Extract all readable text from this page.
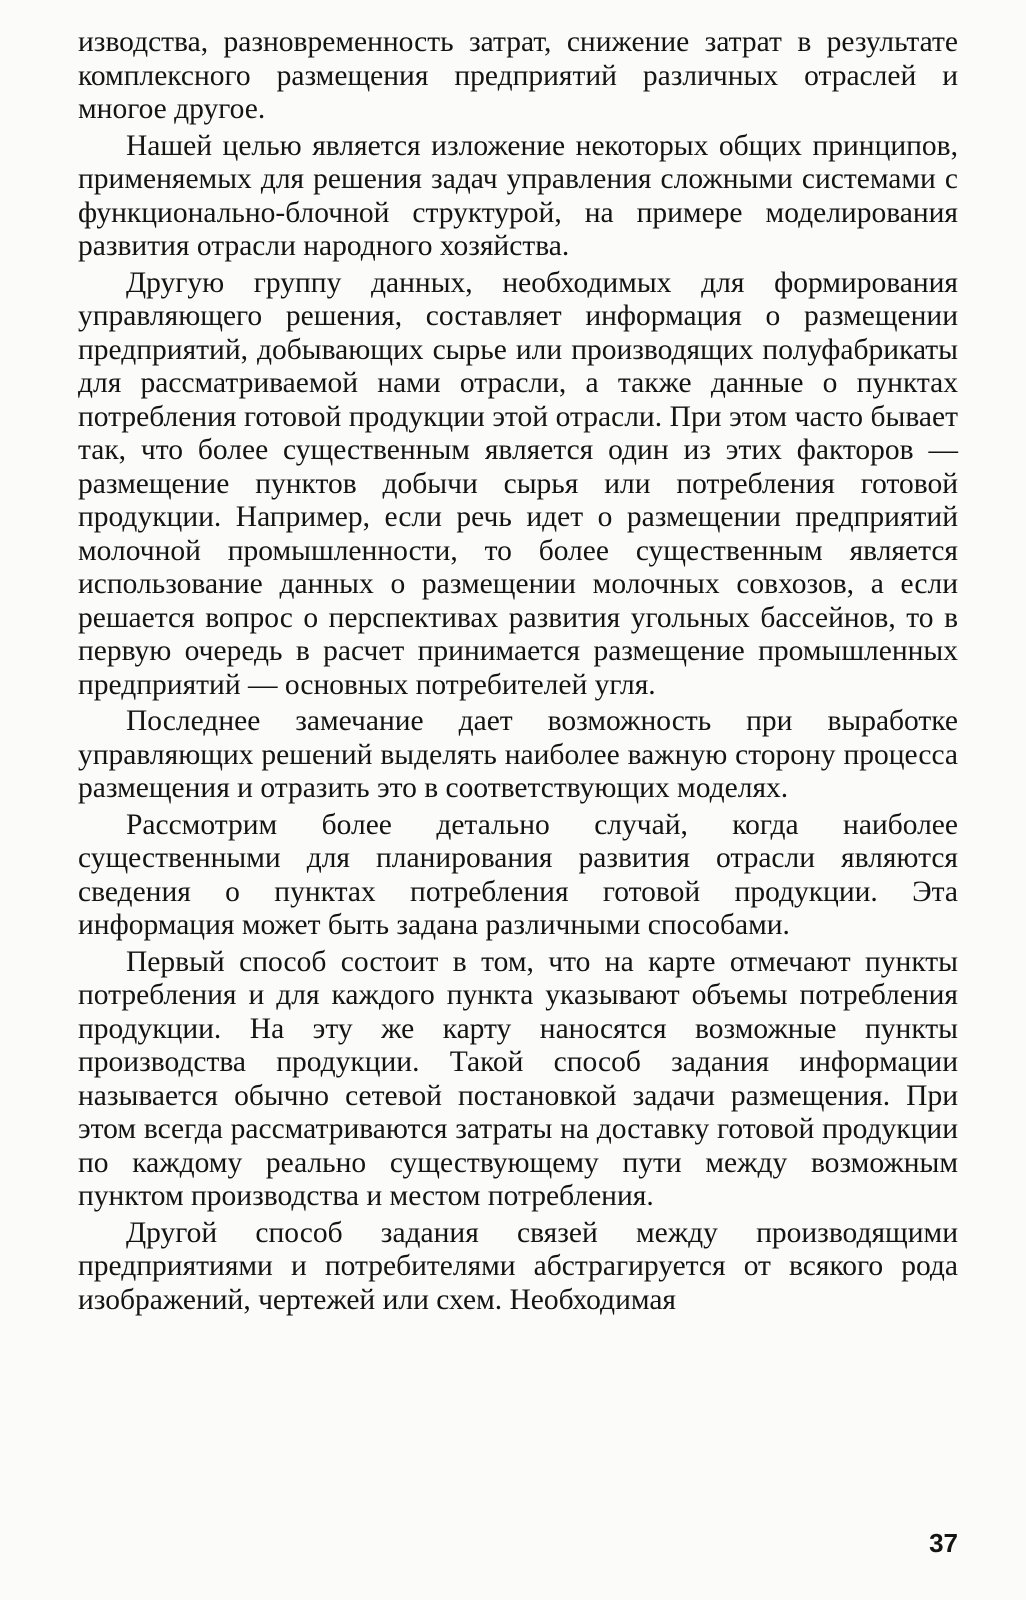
изводства, разновременность затрат, снижение затрат в результате комплексного размещения предприятий различных отраслей и многое другое.

Нашей целью является изложение некоторых общих принципов, применяемых для решения задач управления сложными системами с функционально-блочной структурой, на примере моделирования развития отрасли народного хозяйства.

Другую группу данных, необходимых для формирования управляющего решения, составляет информация о размещении предприятий, добывающих сырье или производящих полуфабрикаты для рассматриваемой нами отрасли, а также данные о пунктах потребления готовой продукции этой отрасли. При этом часто бывает так, что более существенным является один из этих факторов — размещение пунктов добычи сырья или потребления готовой продукции. Например, если речь идет о размещении предприятий молочной промышленности, то более существенным является использование данных о размещении молочных совхозов, а если решается вопрос о перспективах развития угольных бассейнов, то в первую очередь в расчет принимается размещение промышленных предприятий — основных потребителей угля.

Последнее замечание дает возможность при выработке управляющих решений выделять наиболее важную сторону процесса размещения и отразить это в соответствующих моделях.

Рассмотрим более детально случай, когда наиболее существенными для планирования развития отрасли являются сведения о пунктах потребления готовой продукции. Эта информация может быть задана различными способами.

Первый способ состоит в том, что на карте отмечают пункты потребления и для каждого пункта указывают объемы потребления продукции. На эту же карту наносятся возможные пункты производства продукции. Такой способ задания информации называется обычно сетевой постановкой задачи размещения. При этом всегда рассматриваются затраты на доставку готовой продукции по каждому реально существующему пути между возможным пунктом производства и местом потребления.

Другой способ задания связей между производящими предприятиями и потребителями абстрагируется от всякого рода изображений, чертежей или схем. Необходимая

37
